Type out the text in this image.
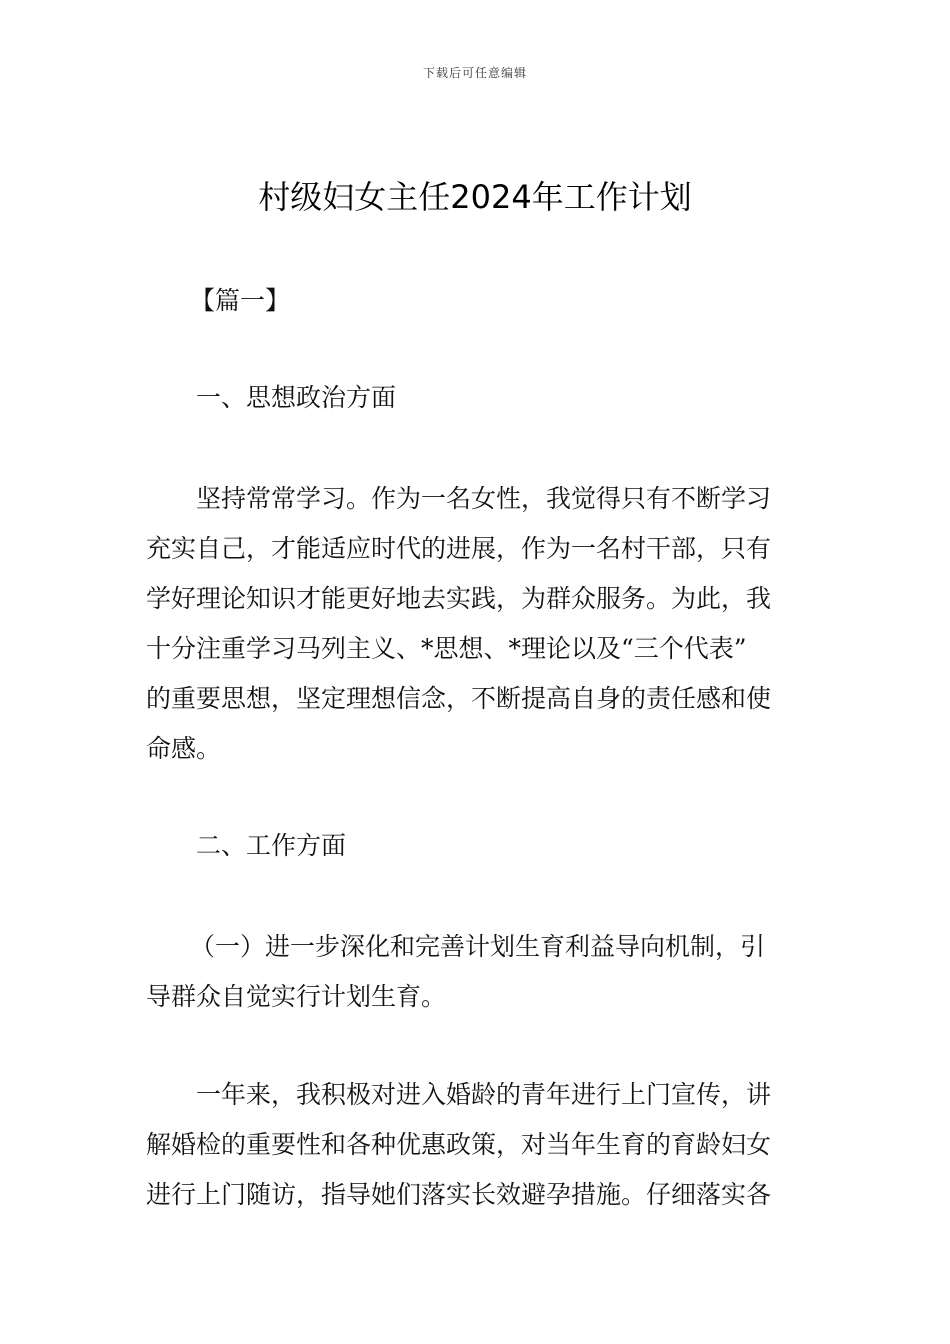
下载后可任意编辑
村级妇女主任2024年工作计划
【篇一】
一、思想政治方面
坚持常常学习。作为一名女性，我觉得只有不断学习
充实自己，才能适应时代的进展，作为一名村干部，只有
学好理论知识才能更好地去实践，为群众服务。为此，我
十分注重学习马列主义、*思想、*理论以及“三个代表”
的重要思想，坚定理想信念，不断提高自身的责任感和使
命感。
二、工作方面
（一）进一步深化和完善计划生育利益导向机制，引
导群众自觉实行计划生育。
一年来，我积极对进入婚龄的青年进行上门宣传，讲
解婚检的重要性和各种优惠政策，对当年生育的育龄妇女
进行上门随访，指导她们落实长效避孕措施。仔细落实各
